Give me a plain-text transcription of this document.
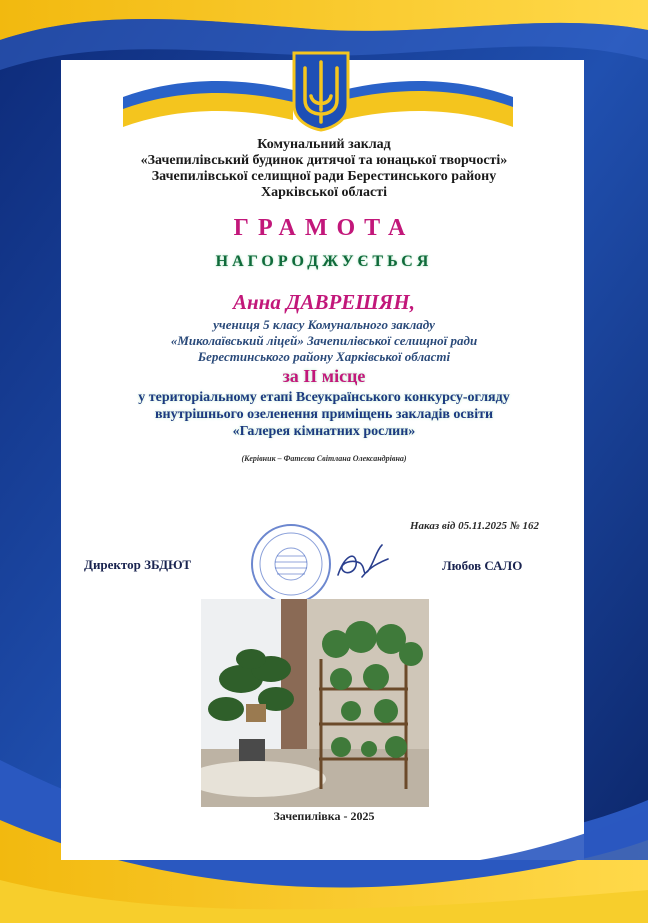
Комунальний заклад
«Зачепилівський будинок дитячої та юнацької творчості»
Зачепилівської селищної ради Берестинського району
Харківської області
ГРАМОТА
НАГОРОДЖУЄТЬСЯ
Анна ДАВРЕШЯН,
учениця 5 класу Комунального закладу
«Миколаївський ліцей» Зачепилівської селищної ради
Берестинського району Харківської області
за ІІ місце
у територіальному етапі Всеукраїнського конкурсу-огляду
внутрішнього озеленення приміщень закладів освіти
«Галерея кімнатних рослин»
(Керівник – Фатєєва Світлана Олександрівна)
Наказ від 05.11.2025 № 162
Директор ЗБДЮТ	Любов САЛО
Зачепилівка - 2025
